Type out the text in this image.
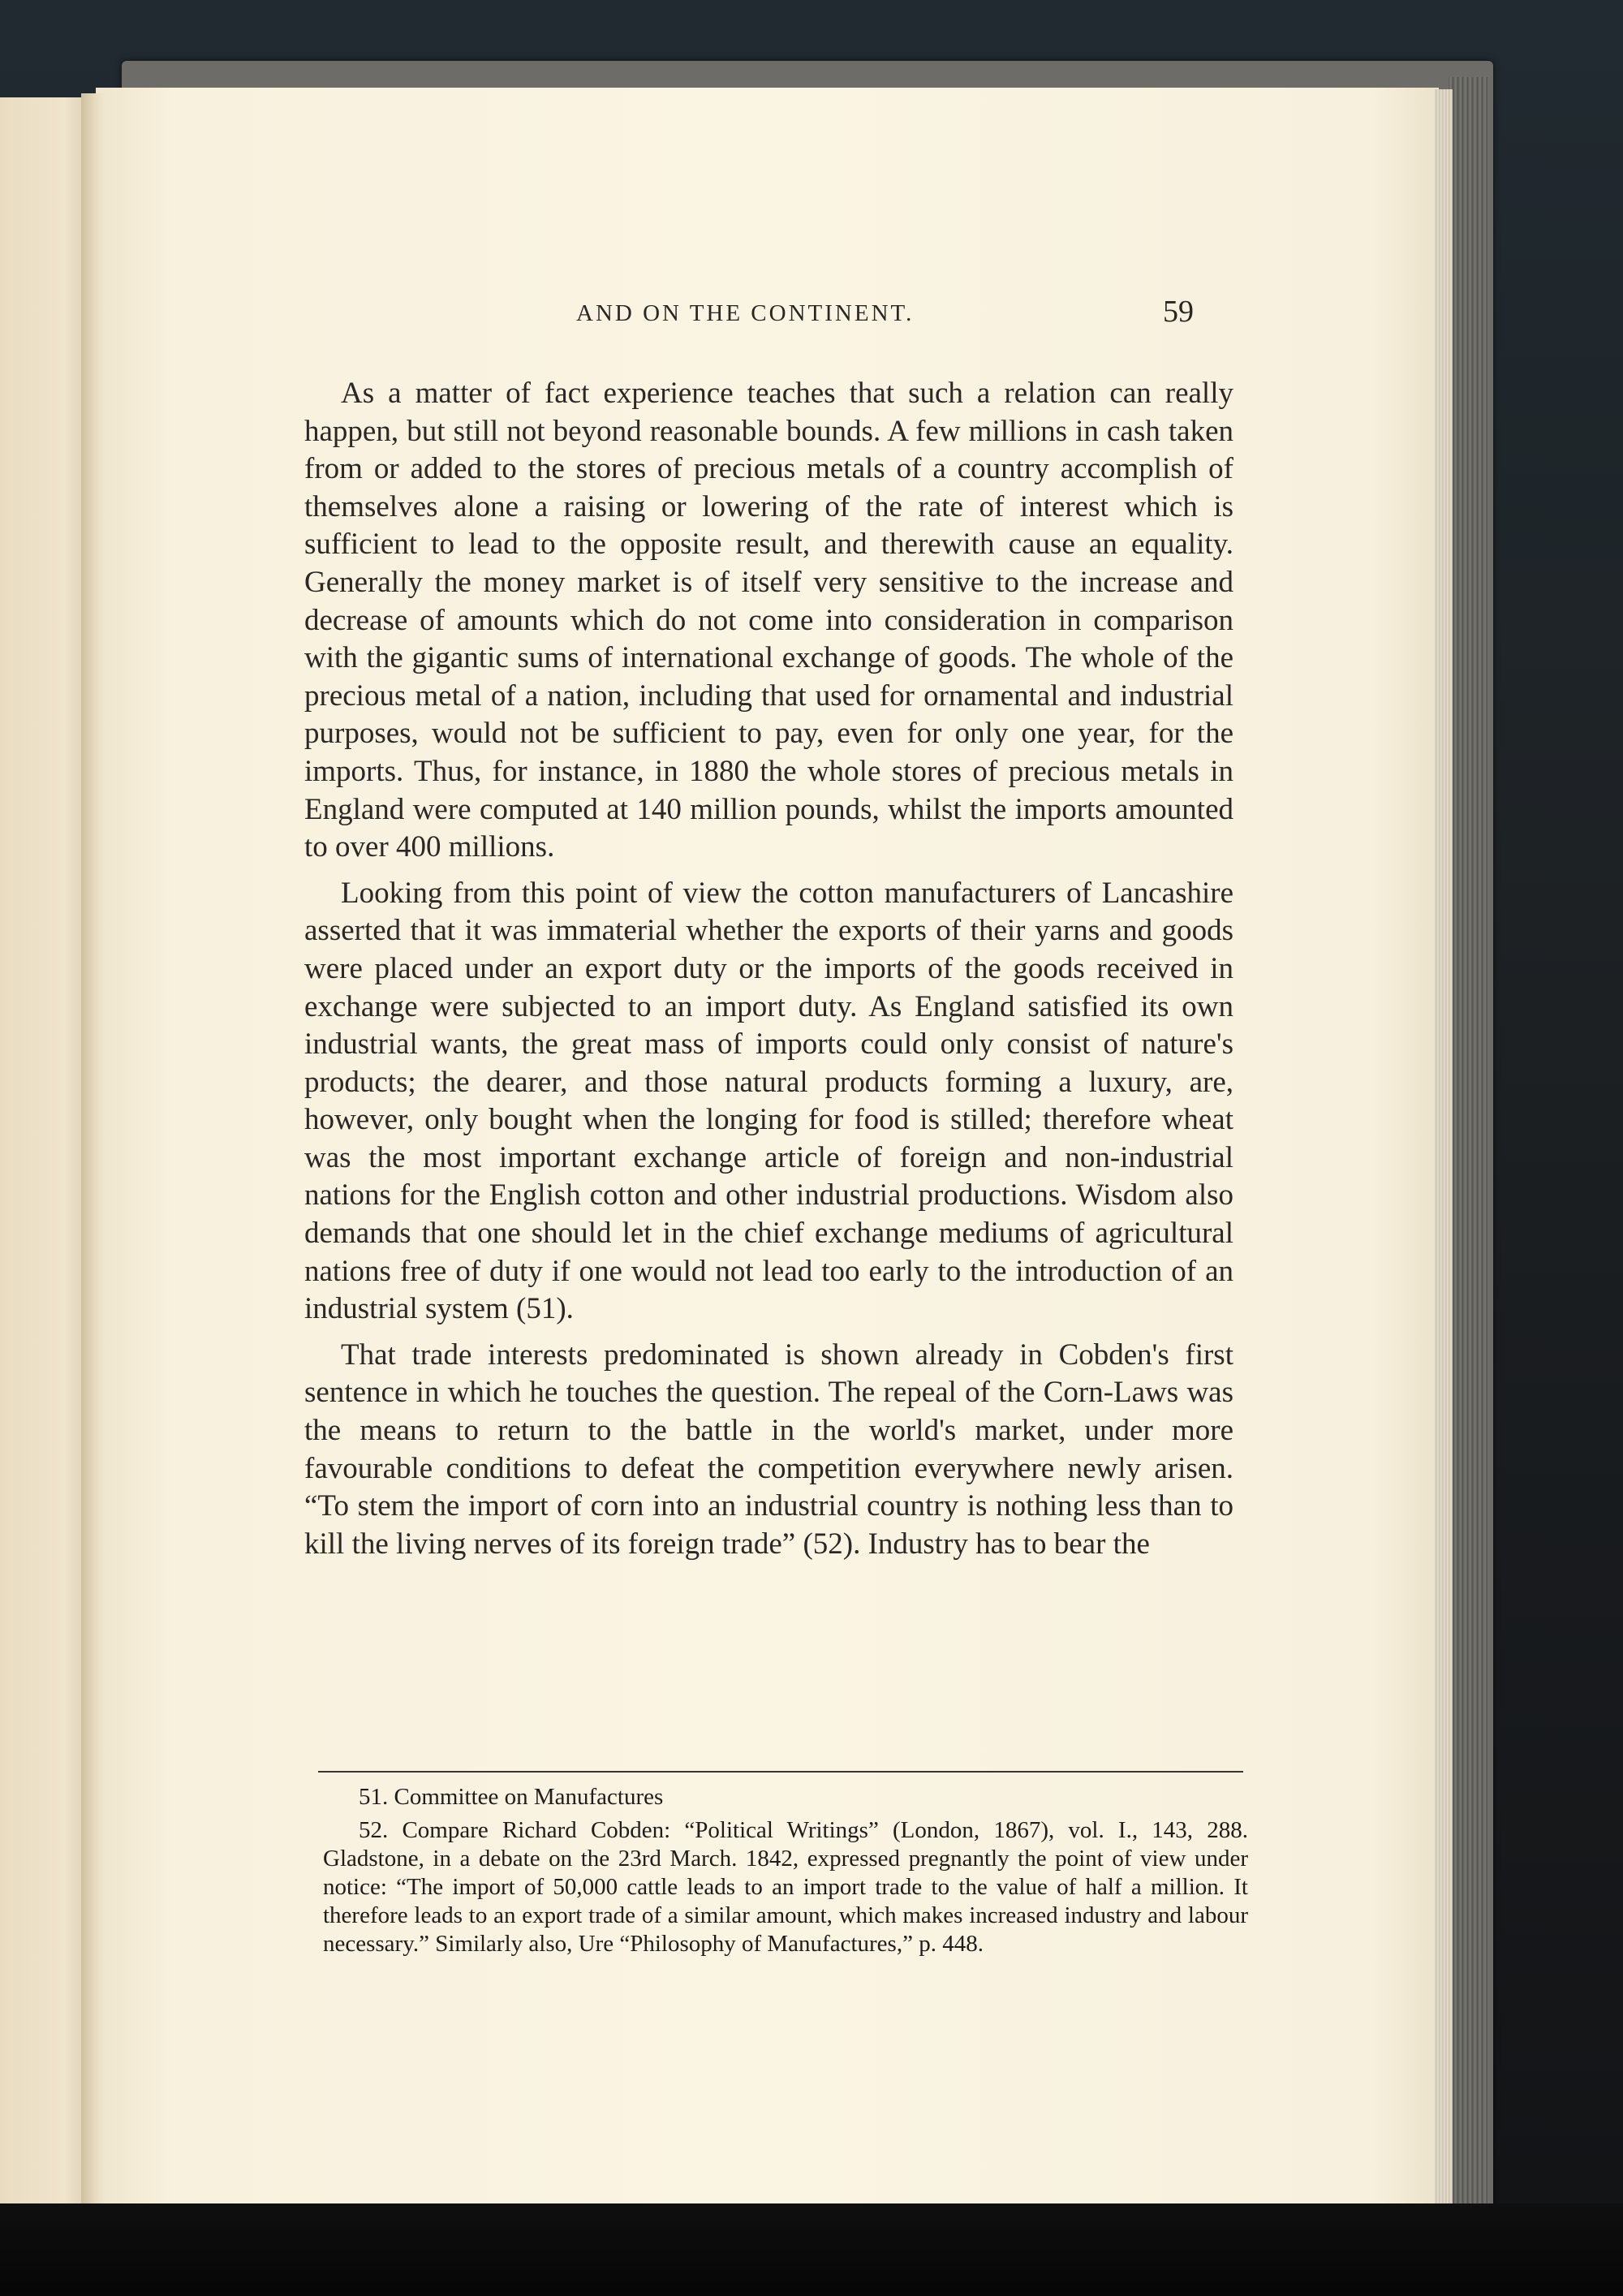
AND ON THE CONTINENT.	59

As a matter of fact experience teaches that such a relation can really happen, but still not beyond reasonable bounds. A few millions in cash taken from or added to the stores of precious metals of a country accomplish of themselves alone a raising or lowering of the rate of interest which is sufficient to lead to the opposite result, and therewith cause an equality. Generally the money market is of itself very sensitive to the increase and decrease of amounts which do not come into consideration in comparison with the gigantic sums of international exchange of goods. The whole of the precious metal of a nation, including that used for ornamental and industrial purposes, would not be sufficient to pay, even for only one year, for the imports. Thus, for instance, in 1880 the whole stores of precious metals in England were computed at 140 million pounds, whilst the imports amounted to over 400 millions.

Looking from this point of view the cotton manufacturers of Lancashire asserted that it was immaterial whether the exports of their yarns and goods were placed under an export duty or the imports of the goods received in exchange were subjected to an import duty. As England satisfied its own industrial wants, the great mass of imports could only consist of nature's products; the dearer, and those natural products forming a luxury, are, however, only bought when the longing for food is stilled; therefore wheat was the most important exchange article of foreign and non-industrial nations for the English cotton and other industrial productions. Wisdom also demands that one should let in the chief exchange mediums of agricultural nations free of duty if one would not lead too early to the introduction of an industrial system (51).

That trade interests predominated is shown already in Cobden's first sentence in which he touches the question. The repeal of the Corn-Laws was the means to return to the battle in the world's market, under more favourable conditions to defeat the competition everywhere newly arisen. “To stem the import of corn into an industrial country is nothing less than to kill the living nerves of its foreign trade” (52). Industry has to bear the

51. Committee on Manufactures

52. Compare Richard Cobden: “Political Writings” (London, 1867), vol. I., 143, 288. Gladstone, in a debate on the 23rd March. 1842, expressed pregnantly the point of view under notice: “The import of 50,000 cattle leads to an import trade to the value of half a million. It therefore leads to an export trade of a similar amount, which makes increased industry and labour necessary.” Similarly also, Ure “Philosophy of Manufactures,” p. 448.
